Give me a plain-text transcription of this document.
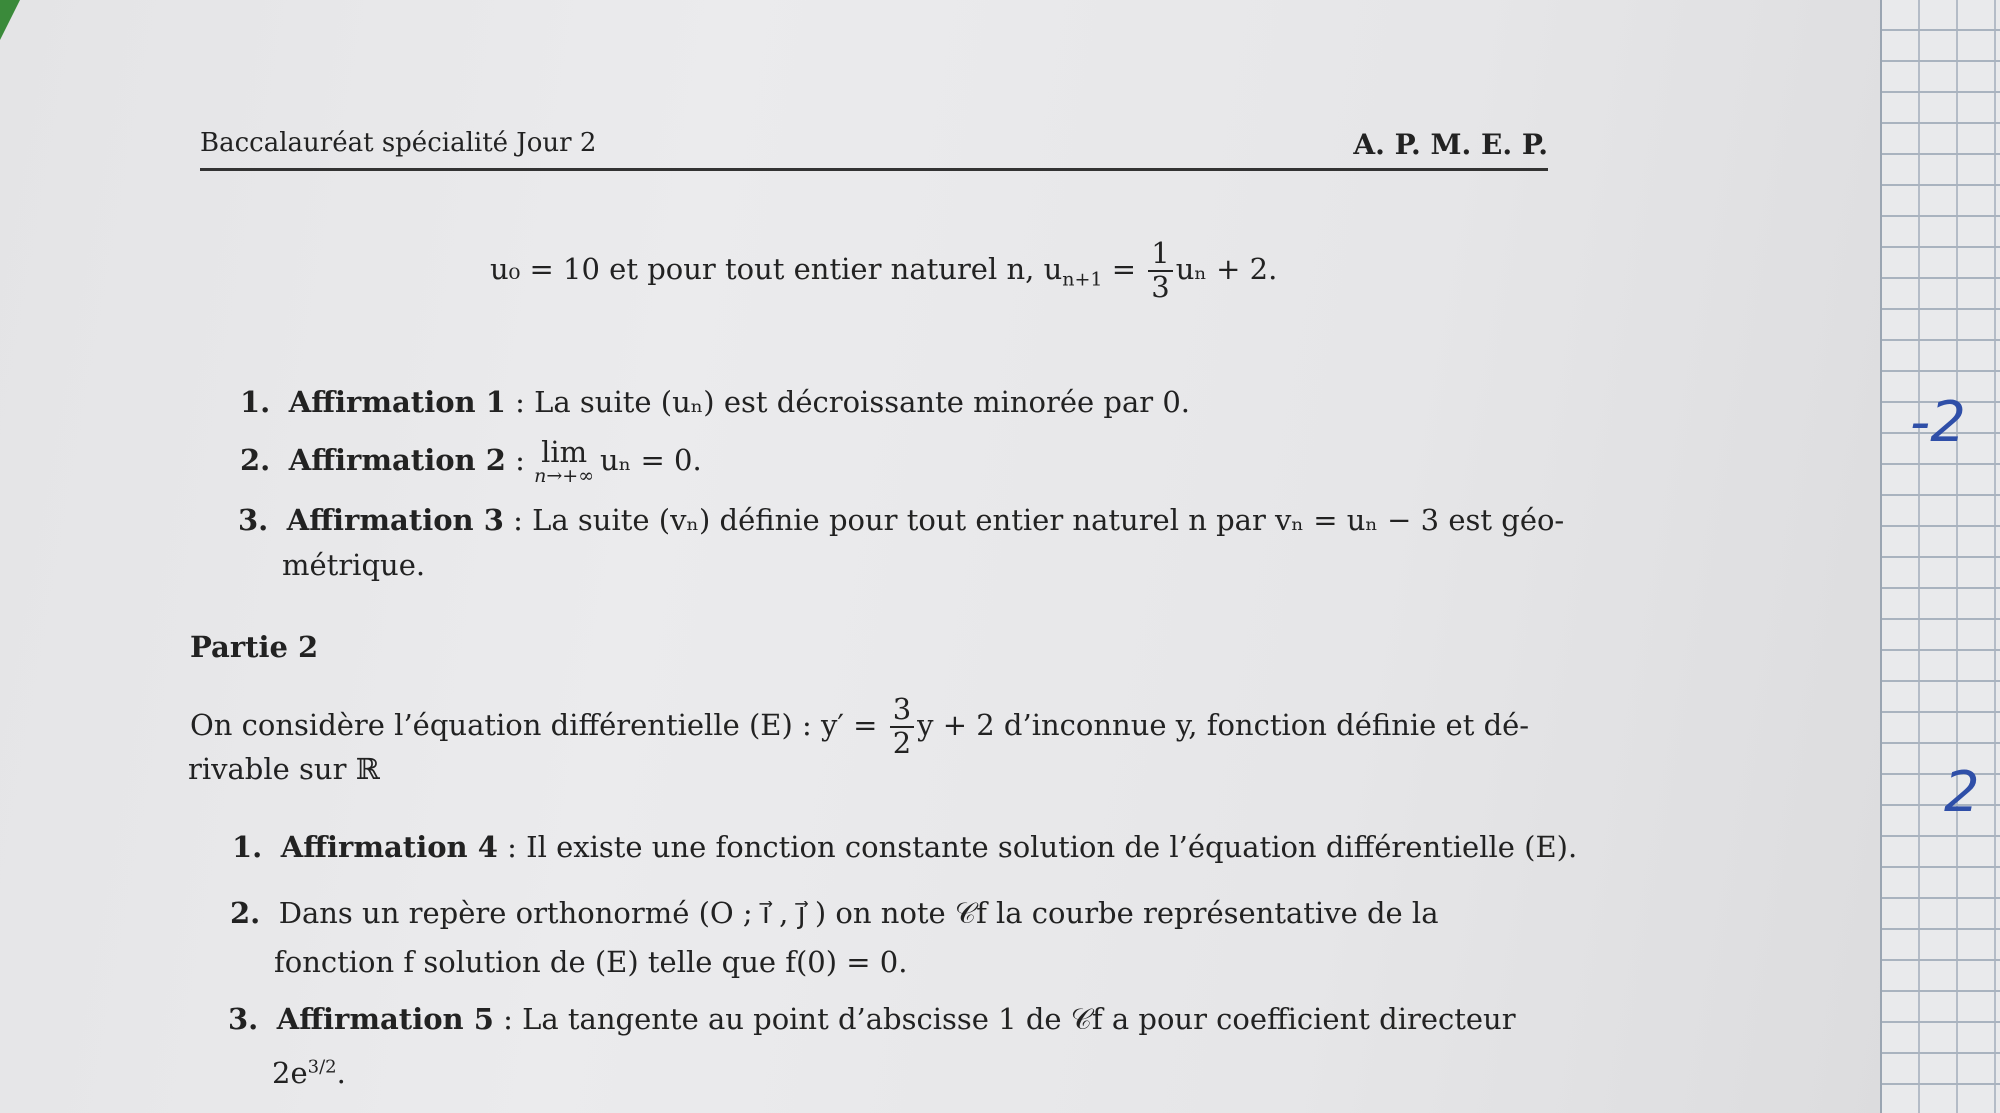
Baccalauréat spécialité Jour 2	A. P. M. E. P.
u₀ = 10 et pour tout entier naturel n, $u_{n+1} = \frac{1}{3}$ uₙ + 2.
1. Affirmation 1 : La suite (uₙ) est décroissante minorée par 0.
2. Affirmation 2 : lim
n→+∞ uₙ = 0.
3. Affirmation 3 : La suite (vₙ) définie pour tout entier naturel n par vₙ = uₙ − 3 est géo-
métrique.
Partie 2
On considère l’équation différentielle (E) : $y' = \frac{3}{2}$ y + 2 d’inconnue y, fonction définie et dé-
rivable sur ℝ
1. Affirmation 4 : Il existe une fonction constante solution de l’équation différentielle (E).
2. Dans un repère orthonormé (O ; i⃗ , j⃗ ) on note 𝒞f la courbe représentative de la
fonction f solution de (E) telle que f(0) = 0.
3. Affirmation 5 : La tangente au point d’abscisse 1 de 𝒞f a pour coefficient directeur
$2e^{3/2}$.
-2
2
